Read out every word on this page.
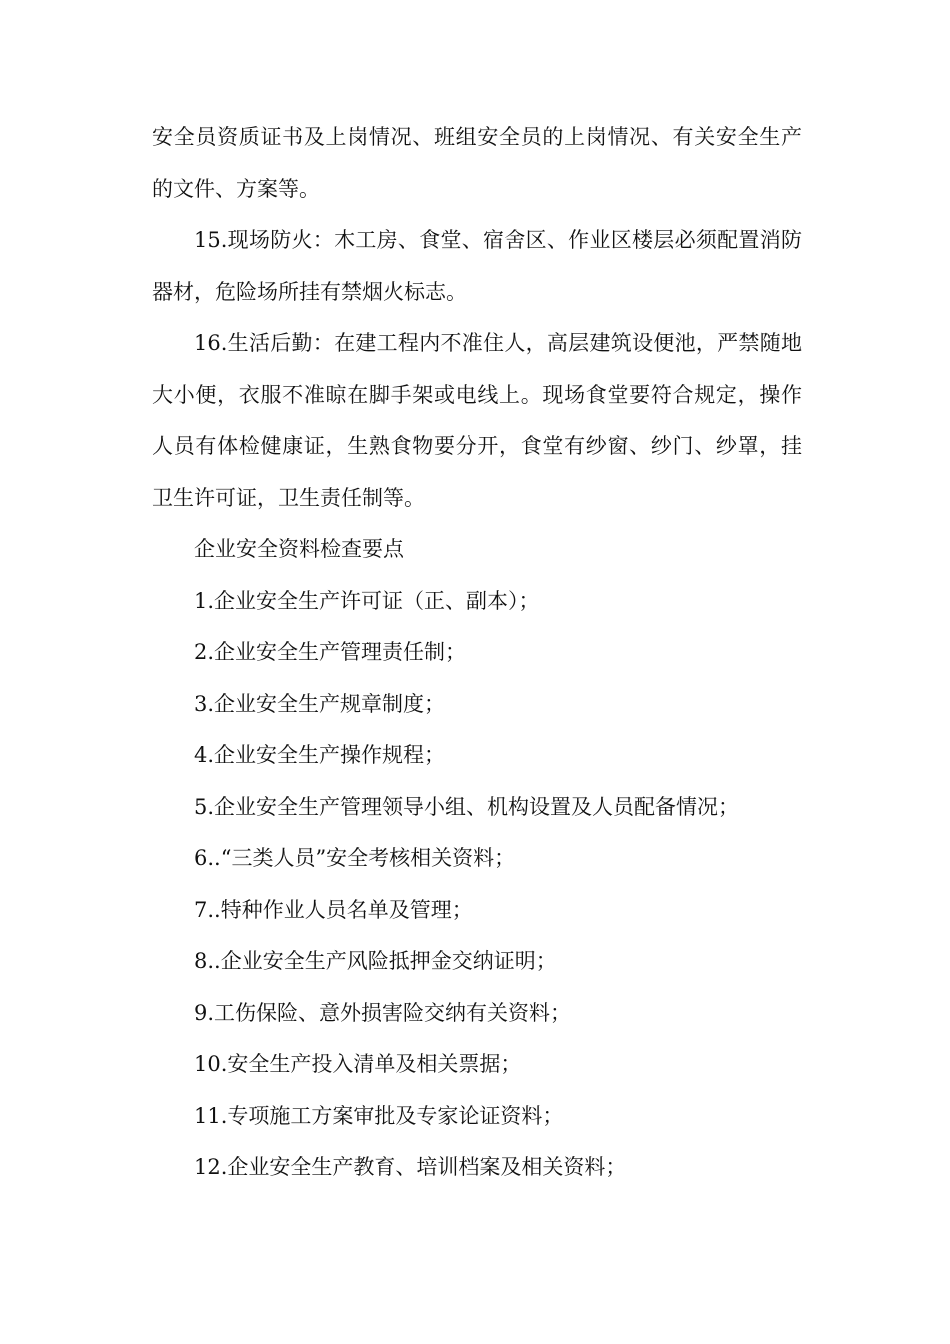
安全员资质证书及上岗情况、班组安全员的上岗情况、有关安全生产的文件、方案等。

15.现场防火：木工房、食堂、宿舍区、作业区楼层必须配置消防器材，危险场所挂有禁烟火标志。

16.生活后勤：在建工程内不准住人，高层建筑设便池，严禁随地大小便，衣服不准晾在脚手架或电线上。现场食堂要符合规定，操作人员有体检健康证，生熟食物要分开，食堂有纱窗、纱门、纱罩，挂卫生许可证，卫生责任制等。

企业安全资料检查要点

1.企业安全生产许可证（正、副本）；

2.企业安全生产管理责任制；

3.企业安全生产规章制度；

4.企业安全生产操作规程；

5.企业安全生产管理领导小组、机构设置及人员配备情况；

6..“三类人员”安全考核相关资料；

7..特种作业人员名单及管理；

8..企业安全生产风险抵押金交纳证明；

9.工伤保险、意外损害险交纳有关资料；

10.安全生产投入清单及相关票据；

11.专项施工方案审批及专家论证资料；

12.企业安全生产教育、培训档案及相关资料；
